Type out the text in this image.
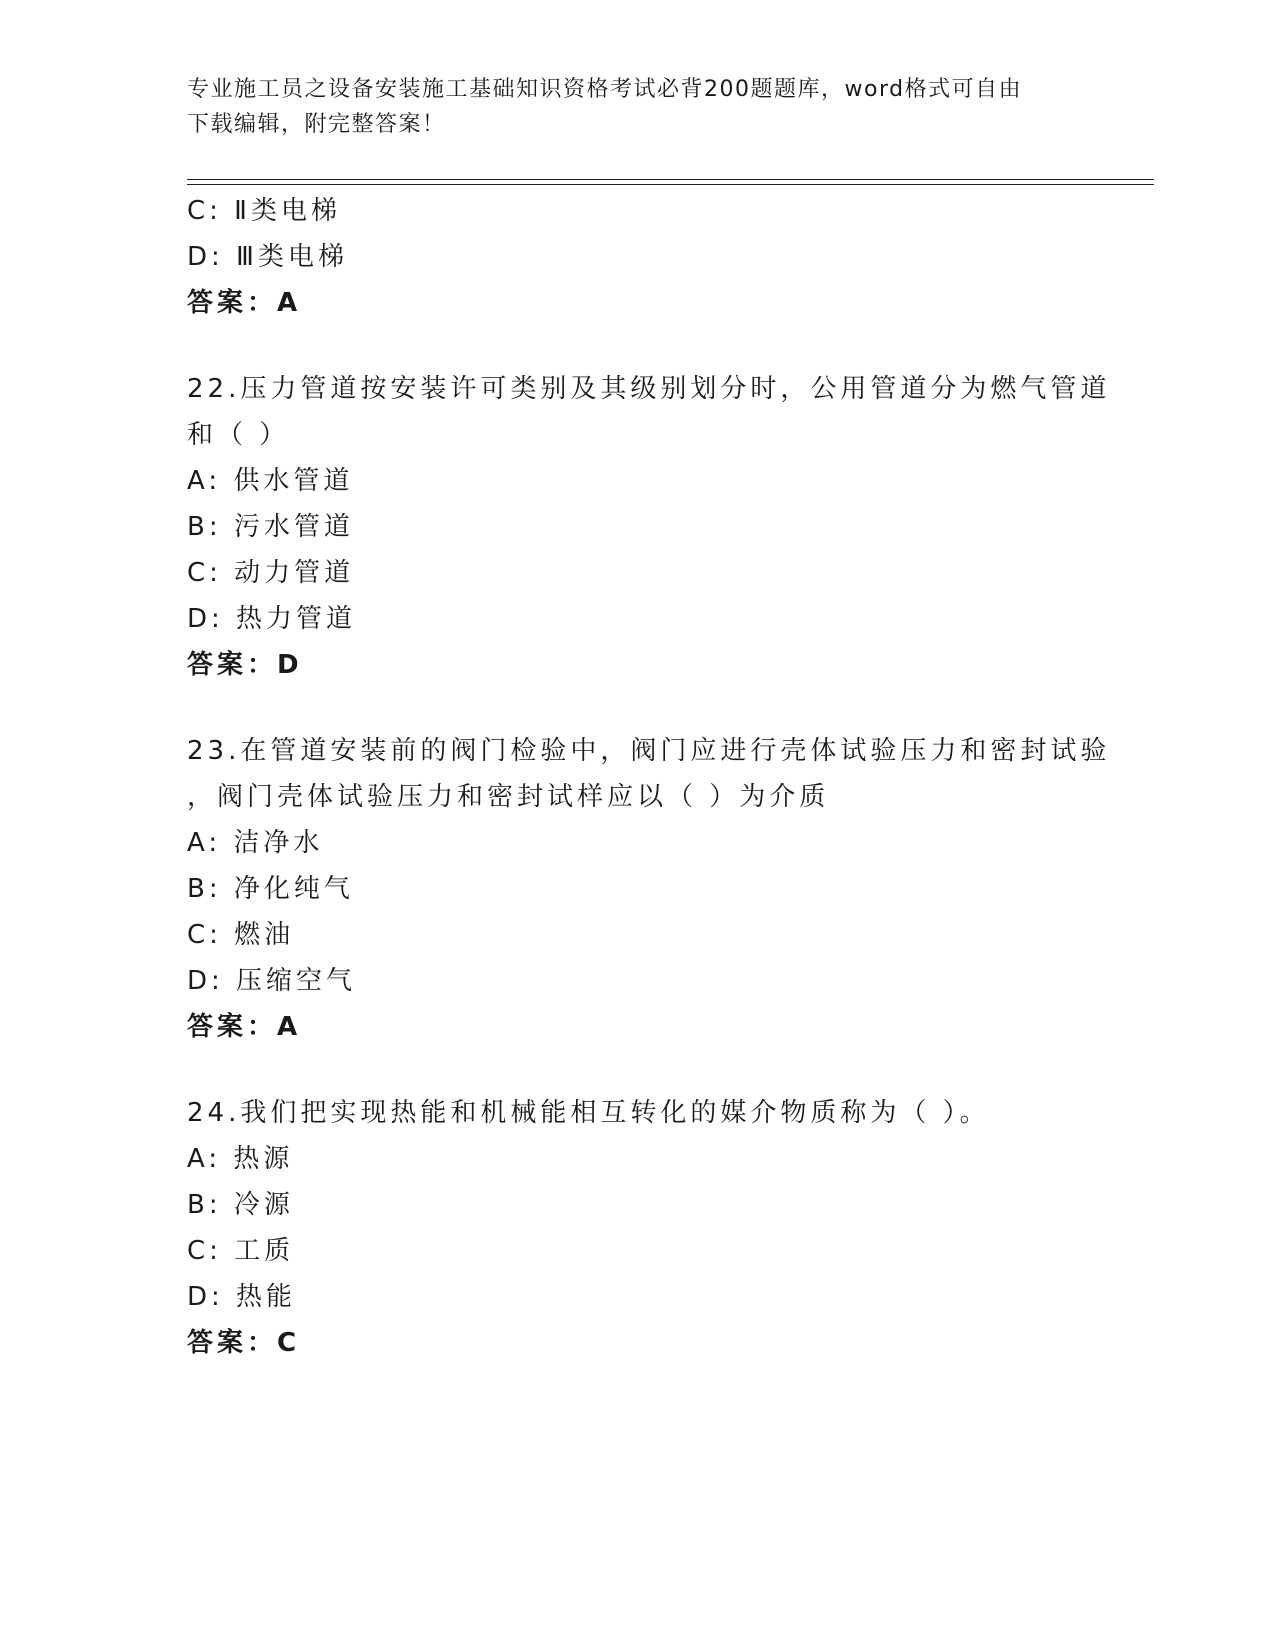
专业施工员之设备安装施工基础知识资格考试必背200题题库，word格式可自由
下载编辑，附完整答案！
C: Ⅱ类电梯
D: Ⅲ类电梯
答案：A
22.压力管道按安装许可类别及其级别划分时，公用管道分为燃气管道
和（ ）
A: 供水管道
B: 污水管道
C: 动力管道
D: 热力管道
答案：D
23.在管道安装前的阀门检验中，阀门应进行壳体试验压力和密封试验
，阀门壳体试验压力和密封试样应以（ ）为介质
A: 洁净水
B: 净化纯气
C: 燃油
D: 压缩空气
答案：A
24.我们把实现热能和机械能相互转化的媒介物质称为（ ）。
A: 热源
B: 冷源
C: 工质
D: 热能
答案：C
